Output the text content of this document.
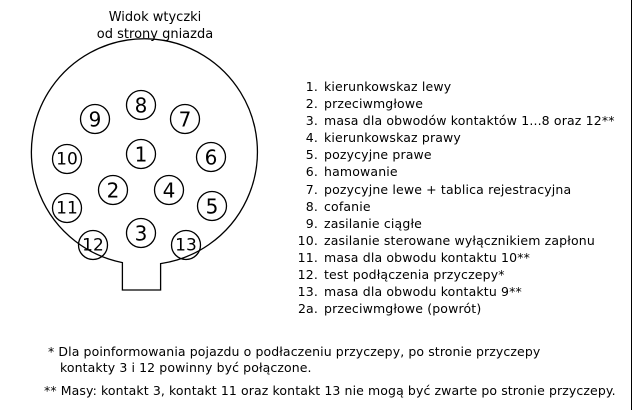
Widok wtyczki
od strony gniazda
1
2
3
4
5
6
7
8
9
10
11
12	13
1. kierunkowskaz lewy
2. przeciwmgłowe
3. masa dla obwodów kontaktów 1...8 oraz 12**
4. kierunkowskaz prawy
5. pozycyjne prawe
6. hamowanie
7. pozycyjne lewe + tablica rejestracyjna
8. cofanie
9. zasilanie ciągłe
10. zasilanie sterowane wyłącznikiem zapłonu
11. masa dla obwodu kontaktu 10**
12. test podłączenia przyczepy*
13. masa dla obwodu kontaktu 9**
2a. przeciwmgłowe (powrót)
* Dla poinformowania pojazdu o podłaczeniu przyczepy, po stronie przyczepy
kontakty 3 i 12 powinny być połączone.
** Masy: kontakt 3, kontakt 11 oraz kontakt 13 nie mogą być zwarte po stronie przyczepy.
